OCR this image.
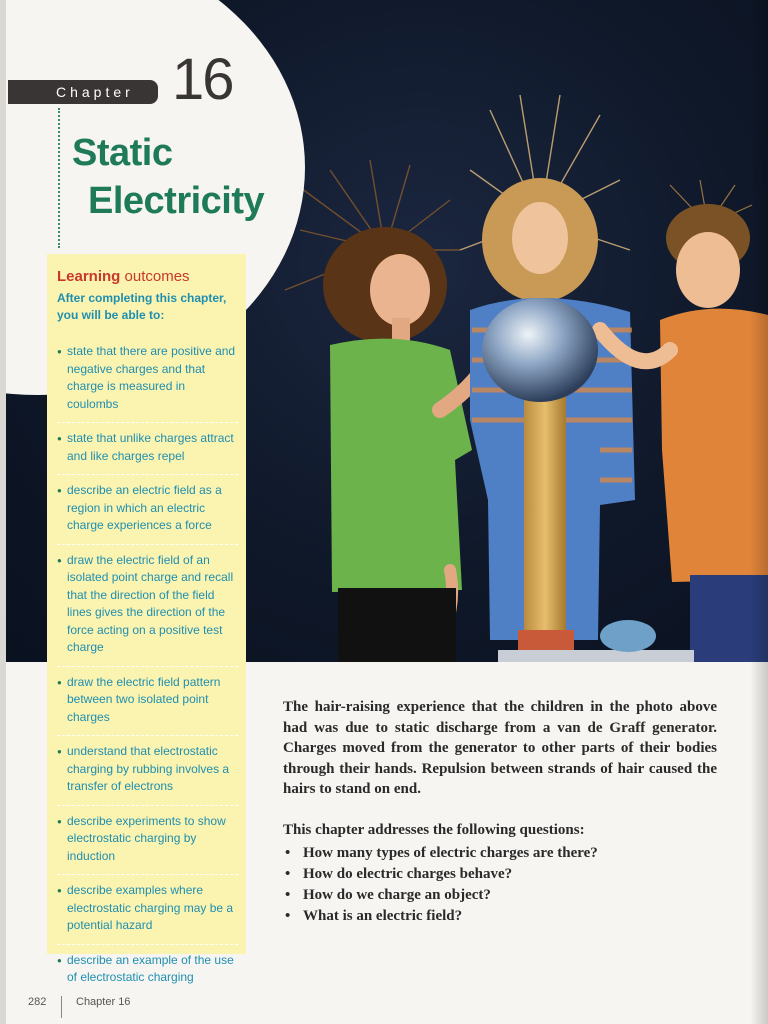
Chapter 16
Static
Electricity
Learning outcomes
After completing this chapter, you will be able to:
● state that there are positive and negative charges and that charge is measured in coulombs
● state that unlike charges attract and like charges repel
● describe an electric field as a region in which an electric charge experiences a force
● draw the electric field of an isolated point charge and recall that the direction of the field lines gives the direction of the force acting on a positive test charge
● draw the electric field pattern between two isolated point charges
● understand that electrostatic charging by rubbing involves a transfer of electrons
● describe experiments to show electrostatic charging by induction
● describe examples where electrostatic charging may be a potential hazard
● describe an example of the use of electrostatic charging

The hair-raising experience that the children in the photo above had was due to static discharge from a van de Graff generator. Charges moved from the generator to other parts of their bodies through their hands. Repulsion between strands of hair caused the hairs to stand on end.

This chapter addresses the following questions:
• How many types of electric charges are there?
• How do electric charges behave?
• How do we charge an object?
• What is an electric field?
282	Chapter 16
